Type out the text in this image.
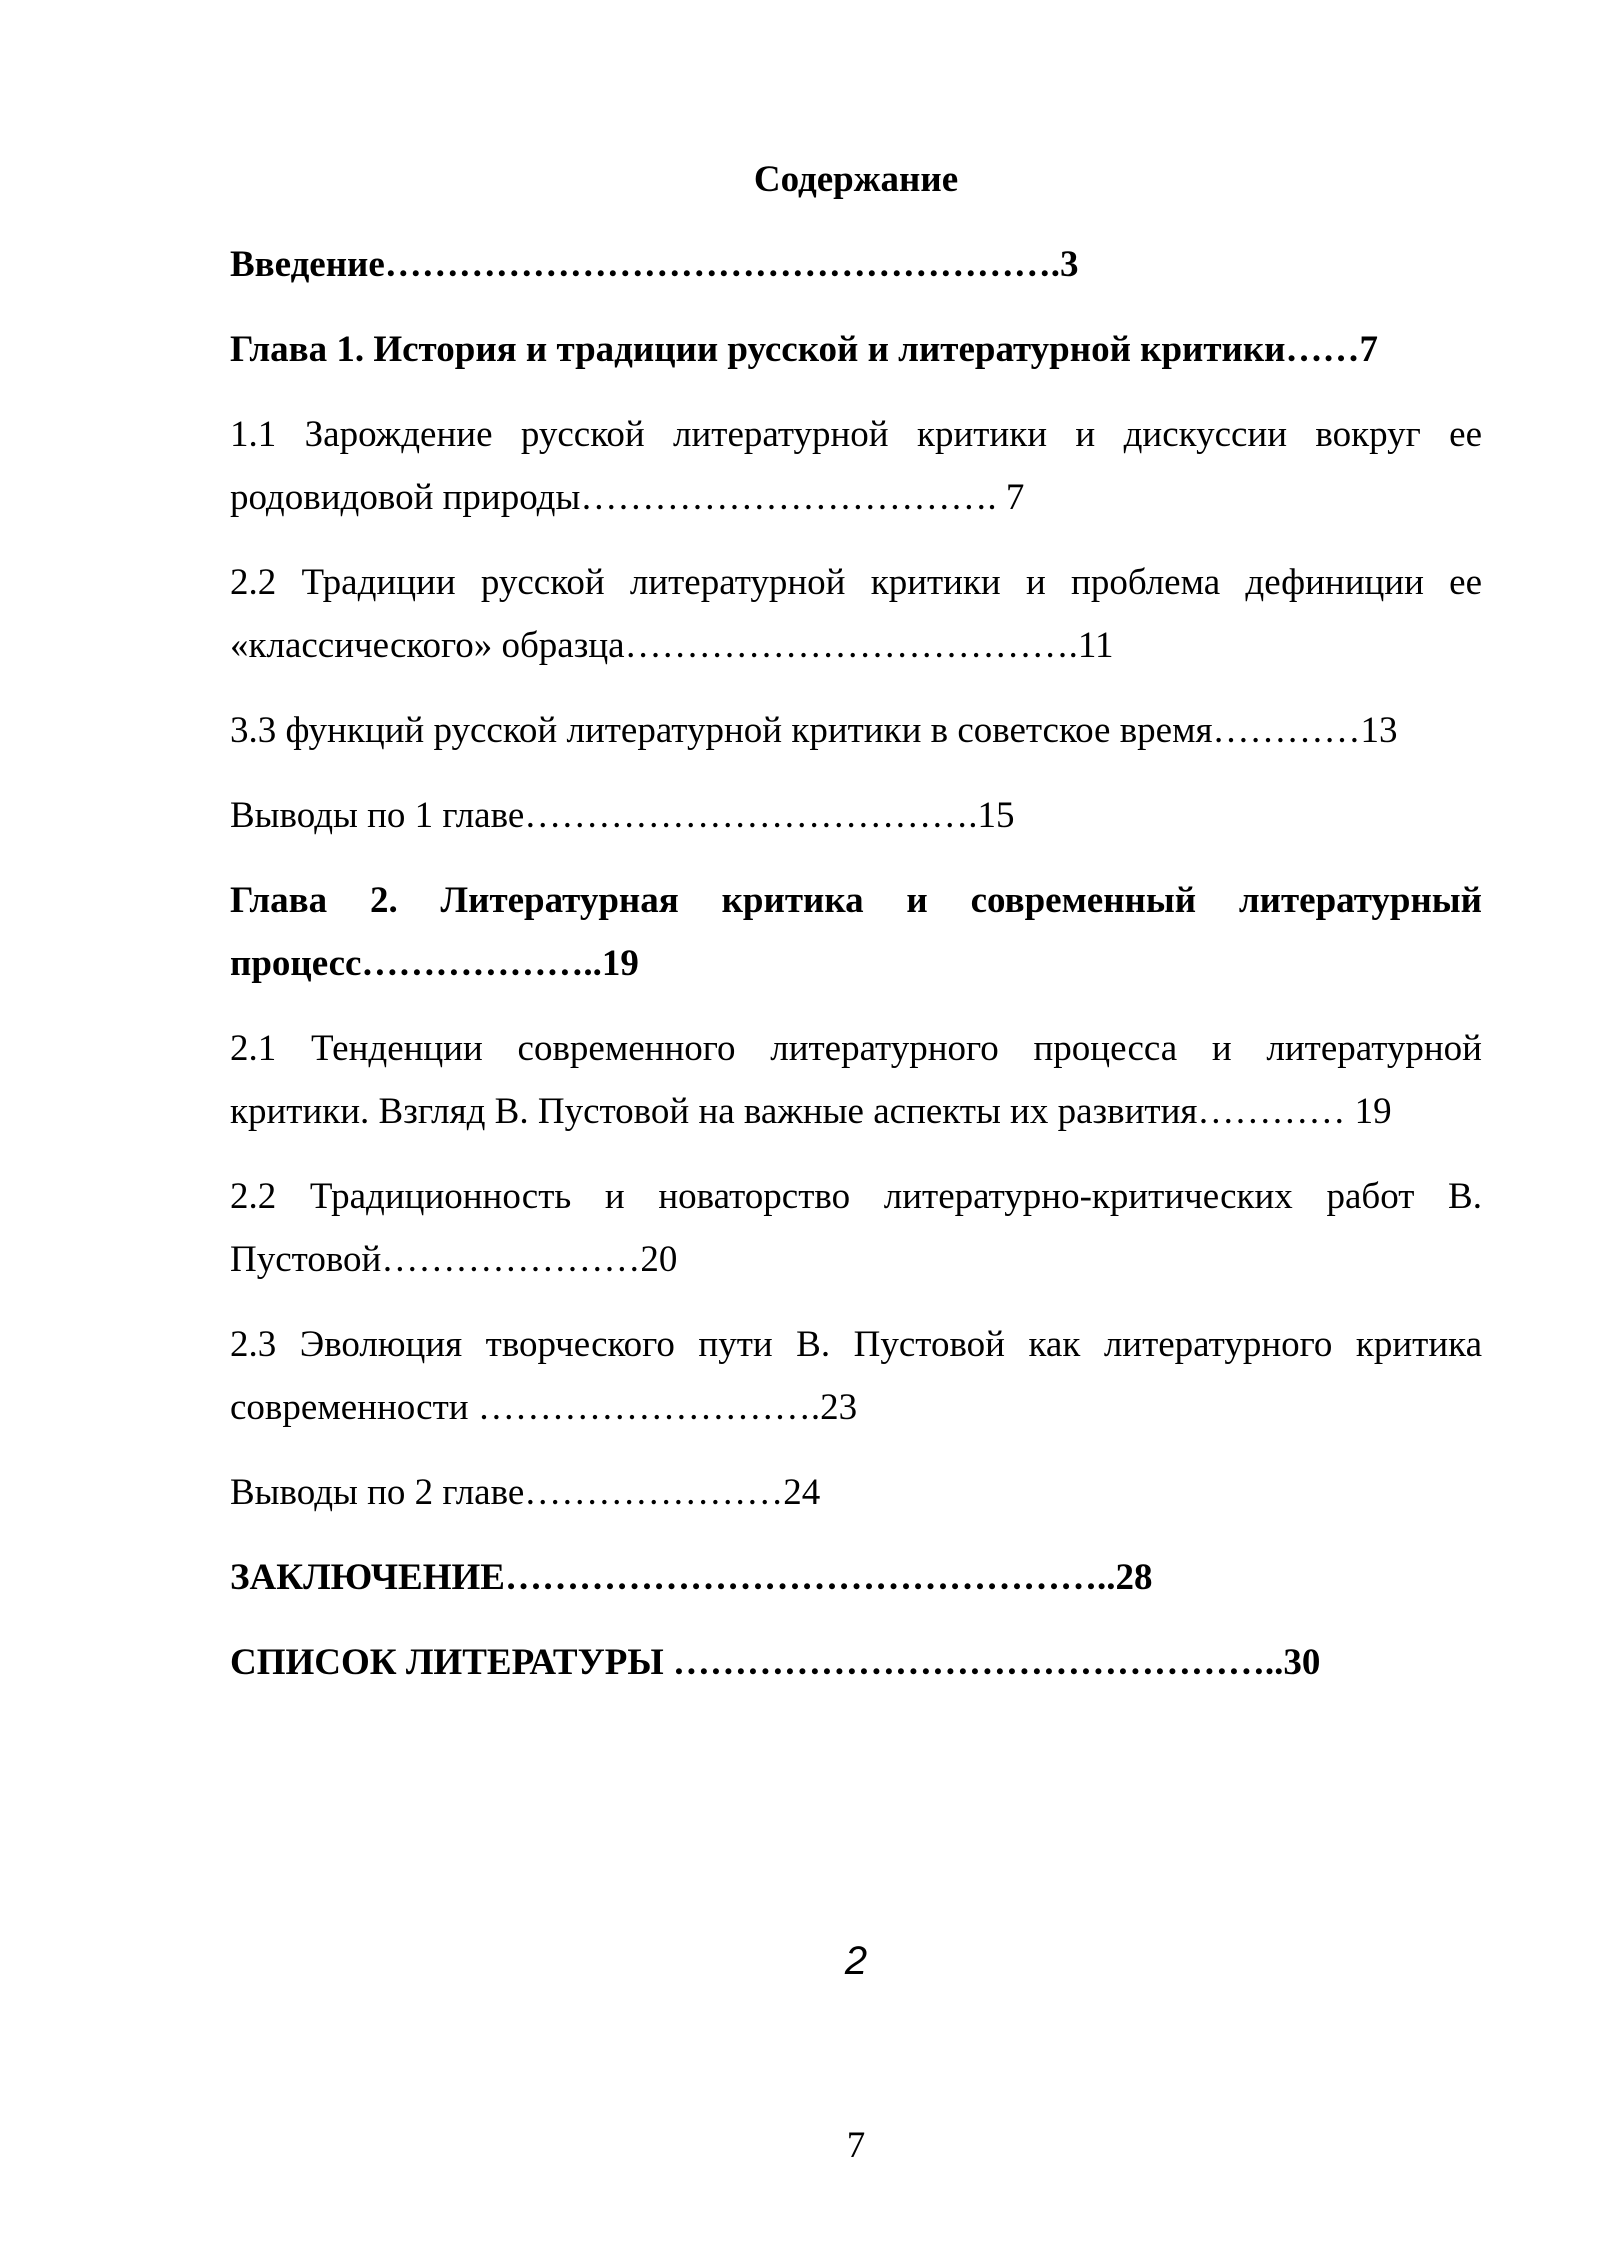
Содержание
Введение……………………………………………….3
Глава 1. История и традиции русской и литературной критики……7
1.1 Зарождение русской литературной критики и дискуссии вокруг ее
родовидовой природы……………………………. 7
2.2 Традиции русской литературной критики и проблема дефиниции ее
«классического» образца……………………………….11
3.3 функций русской литературной критики в советское время…………13
Выводы по 1 главе……………………………….15
Глава 2. Литературная критика и современный литературный
процесс………………..19
2.1 Тенденции современного литературного процесса и литературной
критики. Взгляд В. Пустовой на важные аспекты их развития………… 19
2.2 Традиционность и новаторство литературно-критических работ В.
Пустовой…………………20
2.3 Эволюция творческого пути В. Пустовой как литературного критика
современности ……………………….23
Выводы по 2 главе…………………24
ЗАКЛЮЧЕНИЕ…………………………………………..28
СПИСОК ЛИТЕРАТУРЫ …………………………………………..30
2
7
